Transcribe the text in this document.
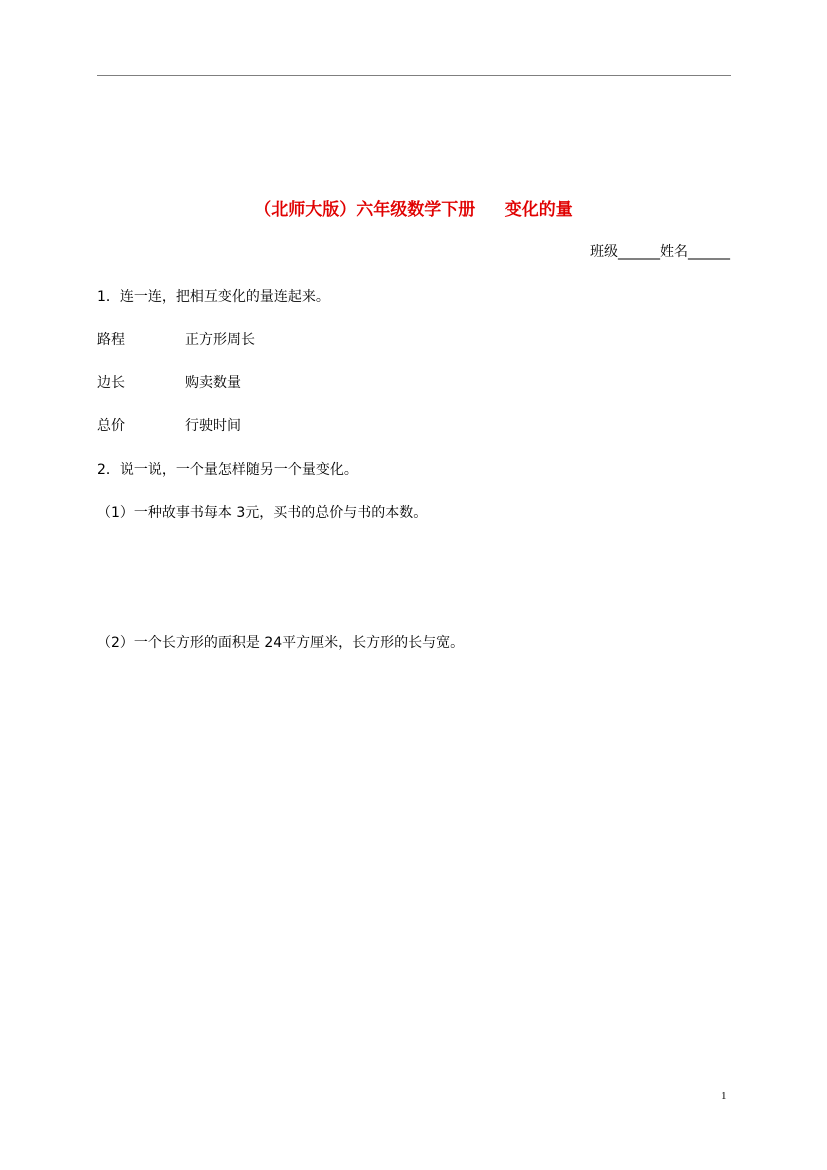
（北师大版）六年级数学下册     变化的量
班级______姓名______
1．连一连，把相互变化的量连起来。
路程	正方形周长
边长	购卖数量
总价	行驶时间
2．说一说，一个量怎样随另一个量变化。
（1）一种故事书每本 3元，买书的总价与书的本数。
（2）一个长方形的面积是 24平方厘米，长方形的长与宽。
1
